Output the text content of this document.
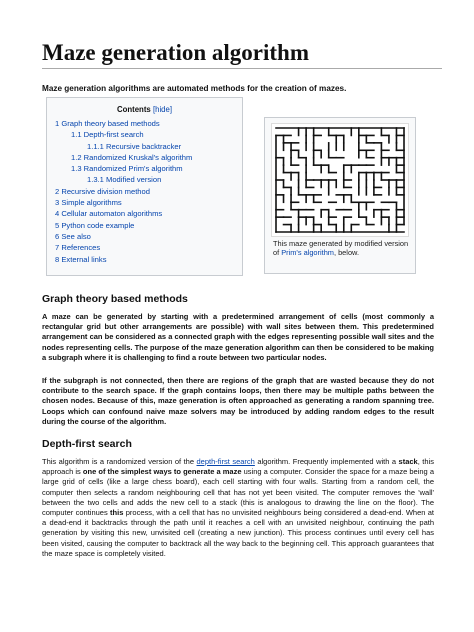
Maze generation algorithm
Maze generation algorithms are automated methods for the creation of mazes.
Contents [hide]
1 Graph theory based methods
1.1 Depth-first search
1.1.1 Recursive backtracker
1.2 Randomized Kruskal's algorithm
1.3 Randomized Prim's algorithm
1.3.1 Modified version
2 Recursive division method
3 Simple algorithms
4 Cellular automaton algorithms
5 Python code example
6 See also
7 References
8 External links
This maze generated by modified version of Prim's algorithm, below.
Graph theory based methods

A maze can be generated by starting with a predetermined arrangement of cells (most commonly a rectangular grid but other arrangements are possible) with wall sites between them. This predetermined arrangement can be considered as a connected graph with the edges representing possible wall sites and the nodes representing cells. The purpose of the maze generation algorithm can then be considered to be making a subgraph where it is challenging to find a route between two particular nodes.

If the subgraph is not connected, then there are regions of the graph that are wasted because they do not contribute to the search space. If the graph contains loops, then there may be multiple paths between the chosen nodes. Because of this, maze generation is often approached as generating a random spanning tree. Loops which can confound naive maze solvers may be introduced by adding random edges to the result during the course of the algorithm.

Depth-first search

This algorithm is a randomized version of the depth-first search algorithm. Frequently implemented with a stack, this approach is one of the simplest ways to generate a maze using a computer. Consider the space for a maze being a large grid of cells (like a large chess board), each cell starting with four walls. Starting from a random cell, the computer then selects a random neighbouring cell that has not yet been visited. The computer removes the 'wall' between the two cells and adds the new cell to a stack (this is analogous to drawing the line on the floor). The computer continues this process, with a cell that has no unvisited neighbours being considered a dead-end. When at a dead-end it backtracks through the path until it reaches a cell with an unvisited neighbour, continuing the path generation by visiting this new, unvisited cell (creating a new junction). This process continues until every cell has been visited, causing the computer to backtrack all the way back to the beginning cell. This approach guarantees that the maze space is completely visited.
